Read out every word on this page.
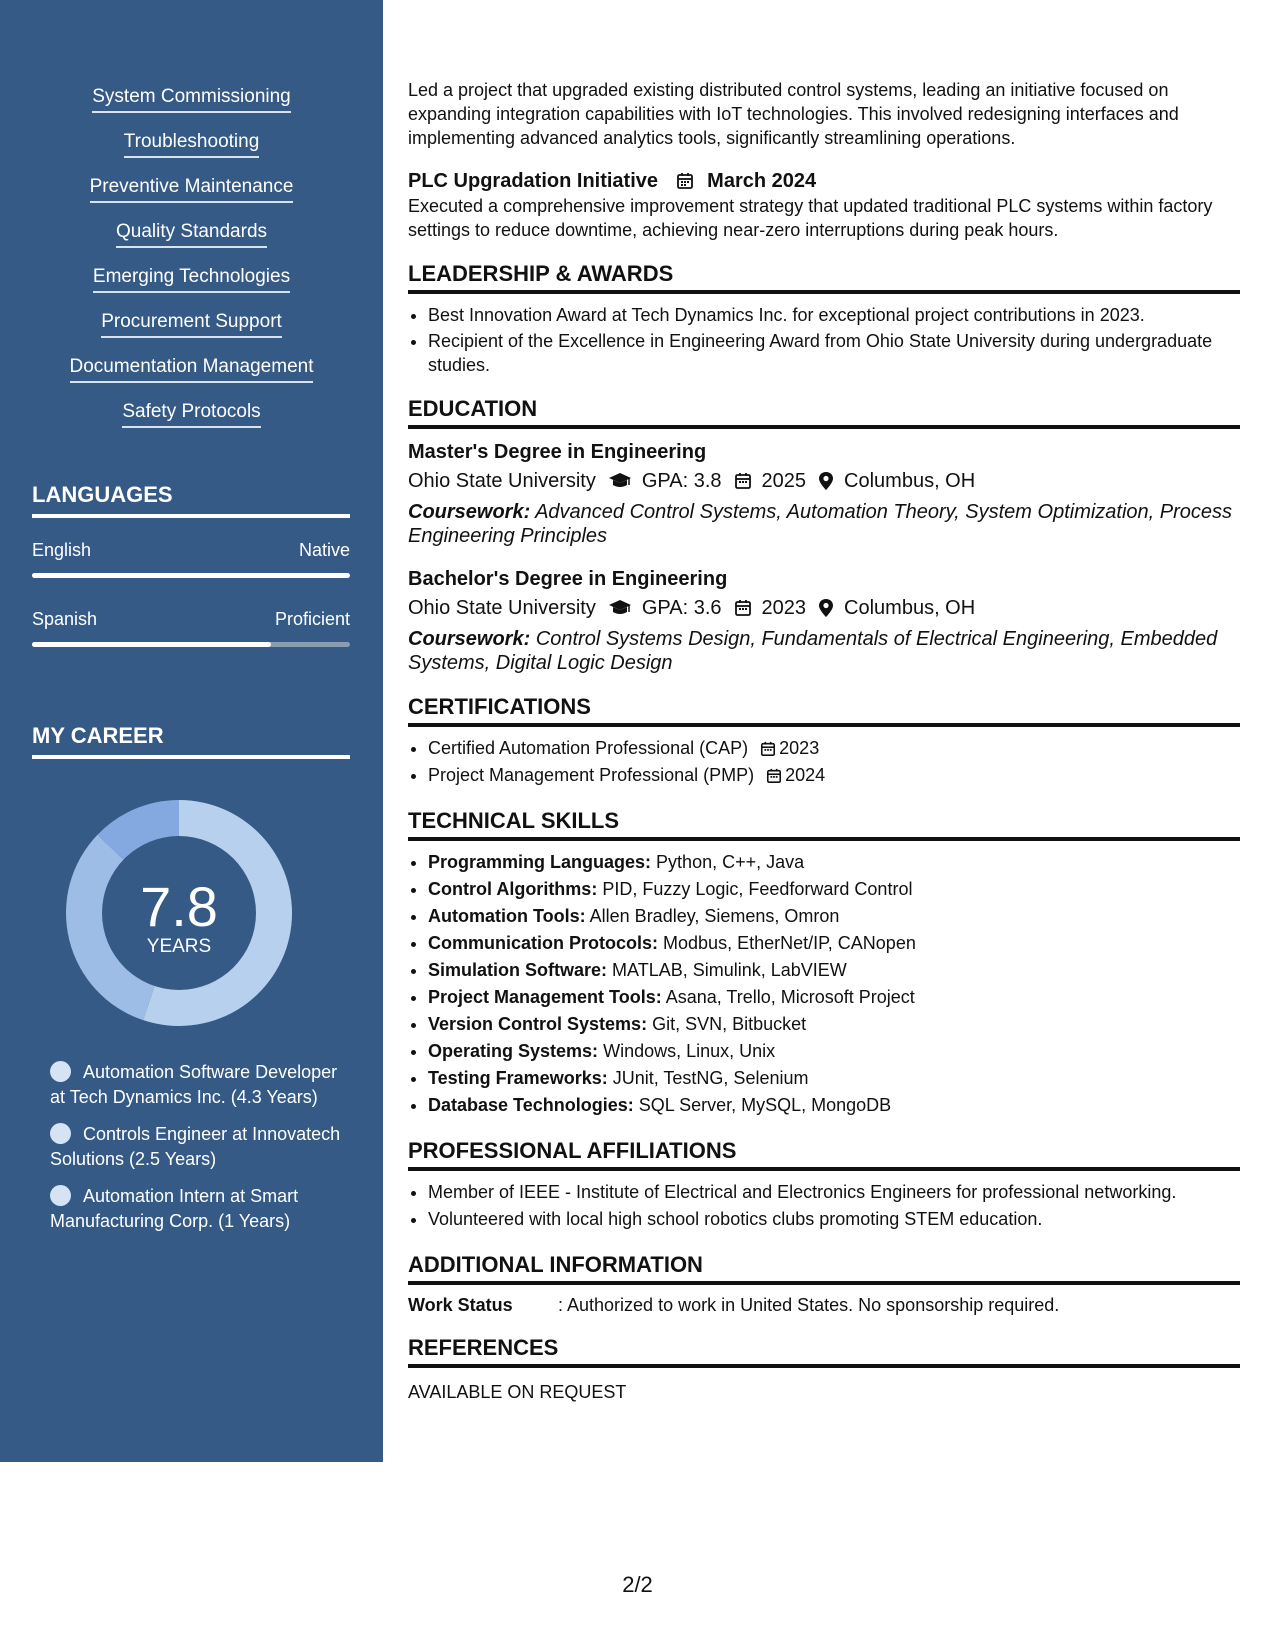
System Commissioning
Troubleshooting
Preventive Maintenance
Quality Standards
Emerging Technologies
Procurement Support
Documentation Management
Safety Protocols
LANGUAGES
English	Native
Spanish	Proficient
MY CAREER
7.8
YEARS
Automation Software Developer at Tech Dynamics Inc. (4.3 Years)
Controls Engineer at Innovatech Solutions (2.5 Years)
Automation Intern at Smart Manufacturing Corp. (1 Years)
Led a project that upgraded existing distributed control systems, leading an initiative focused on expanding integration capabilities with IoT technologies. This involved redesigning interfaces and implementing advanced analytics tools, significantly streamlining operations.
PLC Upgradation Initiative March 2024
Executed a comprehensive improvement strategy that updated traditional PLC systems within factory settings to reduce downtime, achieving near-zero interruptions during peak hours.
LEADERSHIP & AWARDS
• Best Innovation Award at Tech Dynamics Inc. for exceptional project contributions in 2023.
• Recipient of the Excellence in Engineering Award from Ohio State University during undergraduate studies.
EDUCATION
Master's Degree in Engineering
Ohio State University GPA: 3.8 2025 Columbus, OH
Coursework: Advanced Control Systems, Automation Theory, System Optimization, Process Engineering Principles
Bachelor's Degree in Engineering
Ohio State University GPA: 3.6 2023 Columbus, OH
Coursework: Control Systems Design, Fundamentals of Electrical Engineering, Embedded Systems, Digital Logic Design
CERTIFICATIONS
• Certified Automation Professional (CAP) 2023
• Project Management Professional (PMP) 2024
TECHNICAL SKILLS
• Programming Languages: Python, C++, Java
• Control Algorithms: PID, Fuzzy Logic, Feedforward Control
• Automation Tools: Allen Bradley, Siemens, Omron
• Communication Protocols: Modbus, EtherNet/IP, CANopen
• Simulation Software: MATLAB, Simulink, LabVIEW
• Project Management Tools: Asana, Trello, Microsoft Project
• Version Control Systems: Git, SVN, Bitbucket
• Operating Systems: Windows, Linux, Unix
• Testing Frameworks: JUnit, TestNG, Selenium
• Database Technologies: SQL Server, MySQL, MongoDB
PROFESSIONAL AFFILIATIONS
• Member of IEEE - Institute of Electrical and Electronics Engineers for professional networking.
• Volunteered with local high school robotics clubs promoting STEM education.
ADDITIONAL INFORMATION
Work Status	: Authorized to work in United States. No sponsorship required.
REFERENCES
AVAILABLE ON REQUEST
2/2
